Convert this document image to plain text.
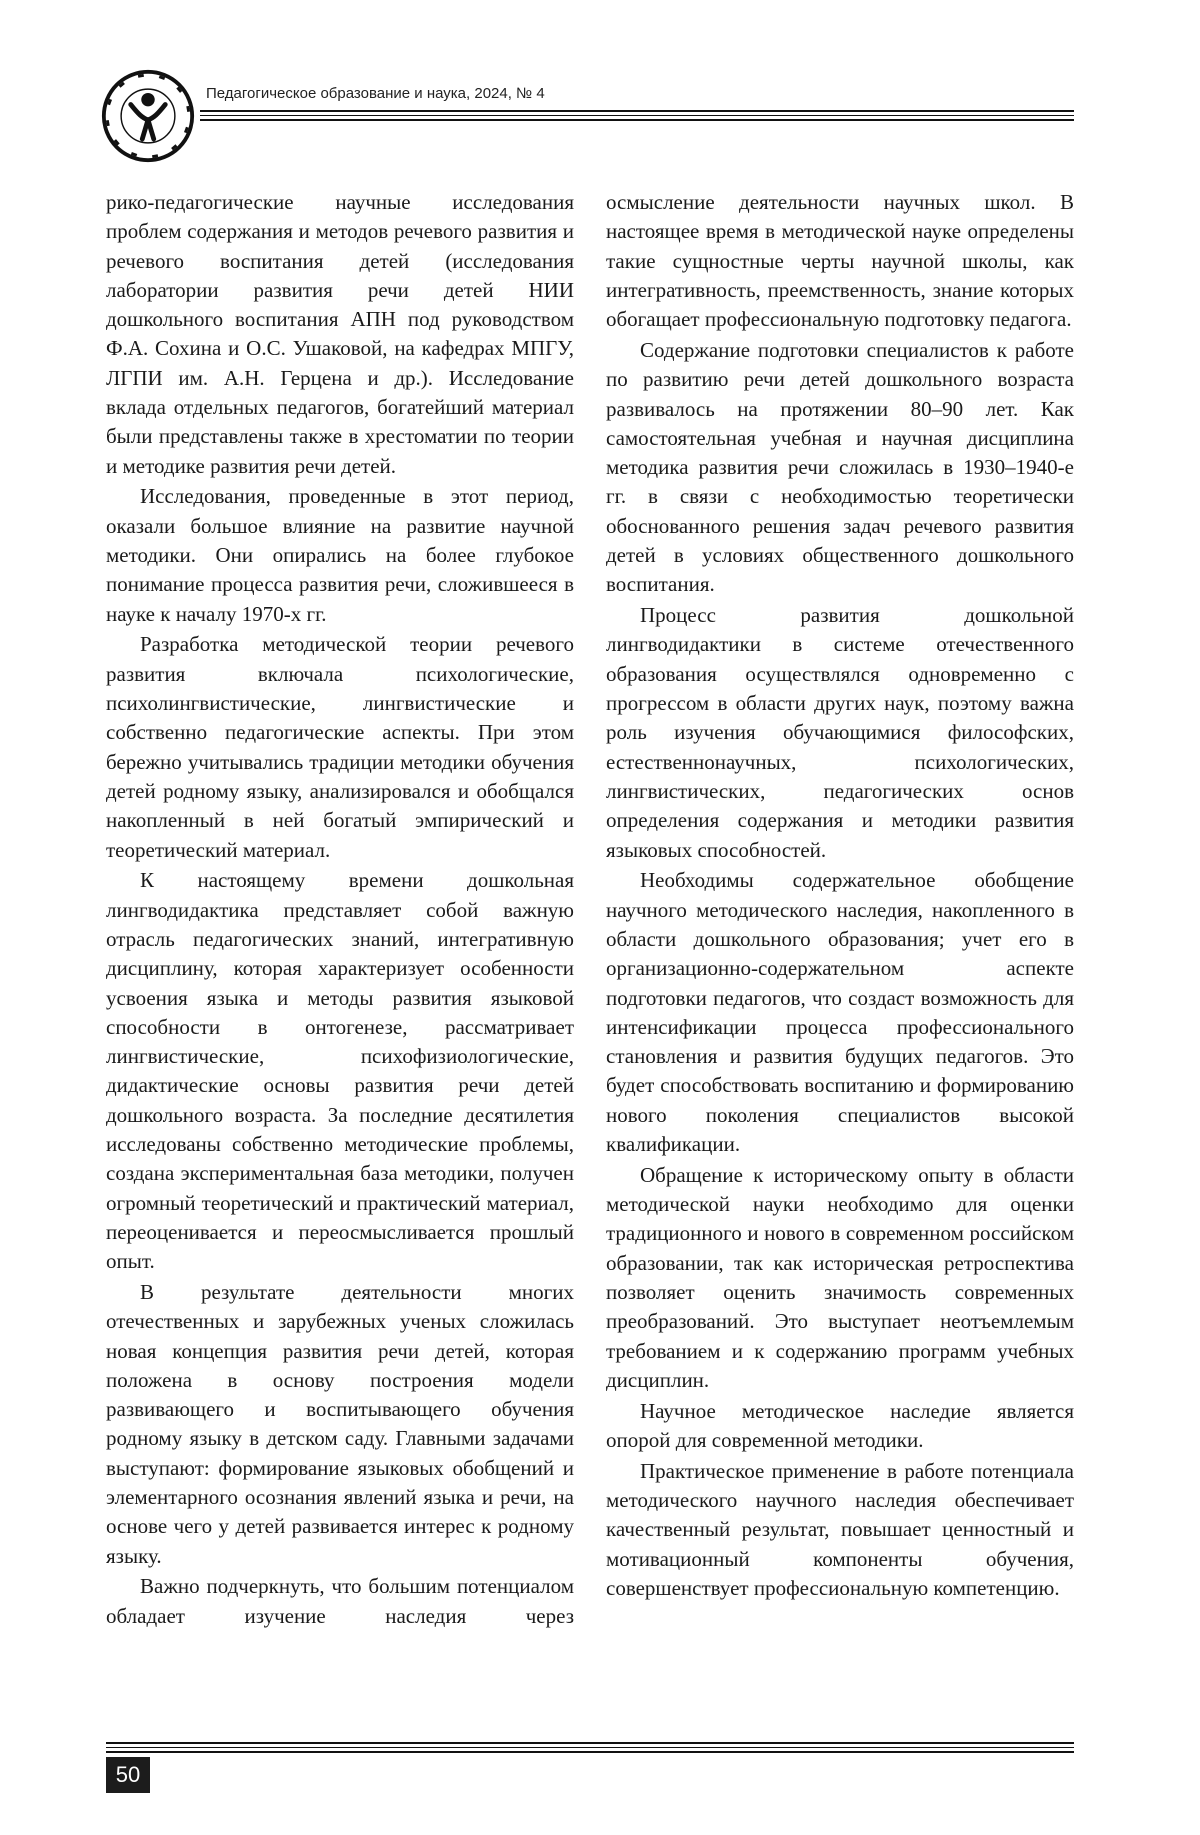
Педагогическое образование и наука, 2024, № 4

рико-педагогические научные исследования проблем содержания и методов речевого развития и речевого воспитания детей (исследования лаборатории развития речи детей НИИ дошкольного воспитания АПН под руководством Ф.А. Сохина и О.С. Ушаковой, на кафедрах МПГУ, ЛГПИ им. А.Н. Герцена и др.). Исследование вклада отдельных педагогов, богатейший материал были представлены также в хрестоматии по теории и методике развития речи детей.

Исследования, проведенные в этот период, оказали большое влияние на развитие научной методики. Они опирались на более глубокое понимание процесса развития речи, сложившееся в науке к началу 1970-х гг.

Разработка методической теории речевого развития включала психологические, психолингвистические, лингвистические и собственно педагогические аспекты. При этом бережно учитывались традиции методики обучения детей родному языку, анализировался и обобщался накопленный в ней богатый эмпирический и теоретический материал.

К настоящему времени дошкольная лингводидактика представляет собой важную отрасль педагогических знаний, интегративную дисциплину, которая характеризует особенности усвоения языка и методы развития языковой способности в онтогенезе, рассматривает лингвистические, психофизиологические, дидактические основы развития речи детей дошкольного возраста. За последние десятилетия исследованы собственно методические проблемы, создана экспериментальная база методики, получен огромный теоретический и практический материал, переоценивается и переосмысливается прошлый опыт.

В результате деятельности многих отечественных и зарубежных ученых сложилась новая концепция развития речи детей, которая положена в основу построения модели развивающего и воспитывающего обучения родному языку в детском саду. Главными задачами выступают: формирование языковых обобщений и элементарного осознания явлений языка и речи, на основе чего у детей развивается интерес к родному языку.

Важно подчеркнуть, что большим потенциалом обладает изучение наследия через

осмысление деятельности научных школ. В настоящее время в методической науке определены такие сущностные черты научной школы, как интегративность, преемственность, знание которых обогащает профессиональную подготовку педагога.

Содержание подготовки специалистов к работе по развитию речи детей дошкольного возраста развивалось на протяжении 80–90 лет. Как самостоятельная учебная и научная дисциплина методика развития речи сложилась в 1930–1940-е гг. в связи с необходимостью теоретически обоснованного решения задач речевого развития детей в условиях общественного дошкольного воспитания.

Процесс развития дошкольной лингводидактики в системе отечественного образования осуществлялся одновременно с прогрессом в области других наук, поэтому важна роль изучения обучающимися философских, естественнонаучных, психологических, лингвистических, педагогических основ определения содержания и методики развития языковых способностей.

Необходимы содержательное обобщение научного методического наследия, накопленного в области дошкольного образования; учет его в организационно-содержательном аспекте подготовки педагогов, что создаст возможность для интенсификации процесса профессионального становления и развития будущих педагогов. Это будет способствовать воспитанию и формированию нового поколения специалистов высокой квалификации.

Обращение к историческому опыту в области методической науки необходимо для оценки традиционного и нового в современном российском образовании, так как историческая ретроспектива позволяет оценить значимость современных преобразований. Это выступает неотъемлемым требованием и к содержанию программ учебных дисциплин.

Научное методическое наследие является опорой для современной методики.

Практическое применение в работе потенциала методического научного наследия обеспечивает качественный результат, повышает ценностный и мотивационный компоненты обучения, совершенствует профессиональную компетенцию.

50
